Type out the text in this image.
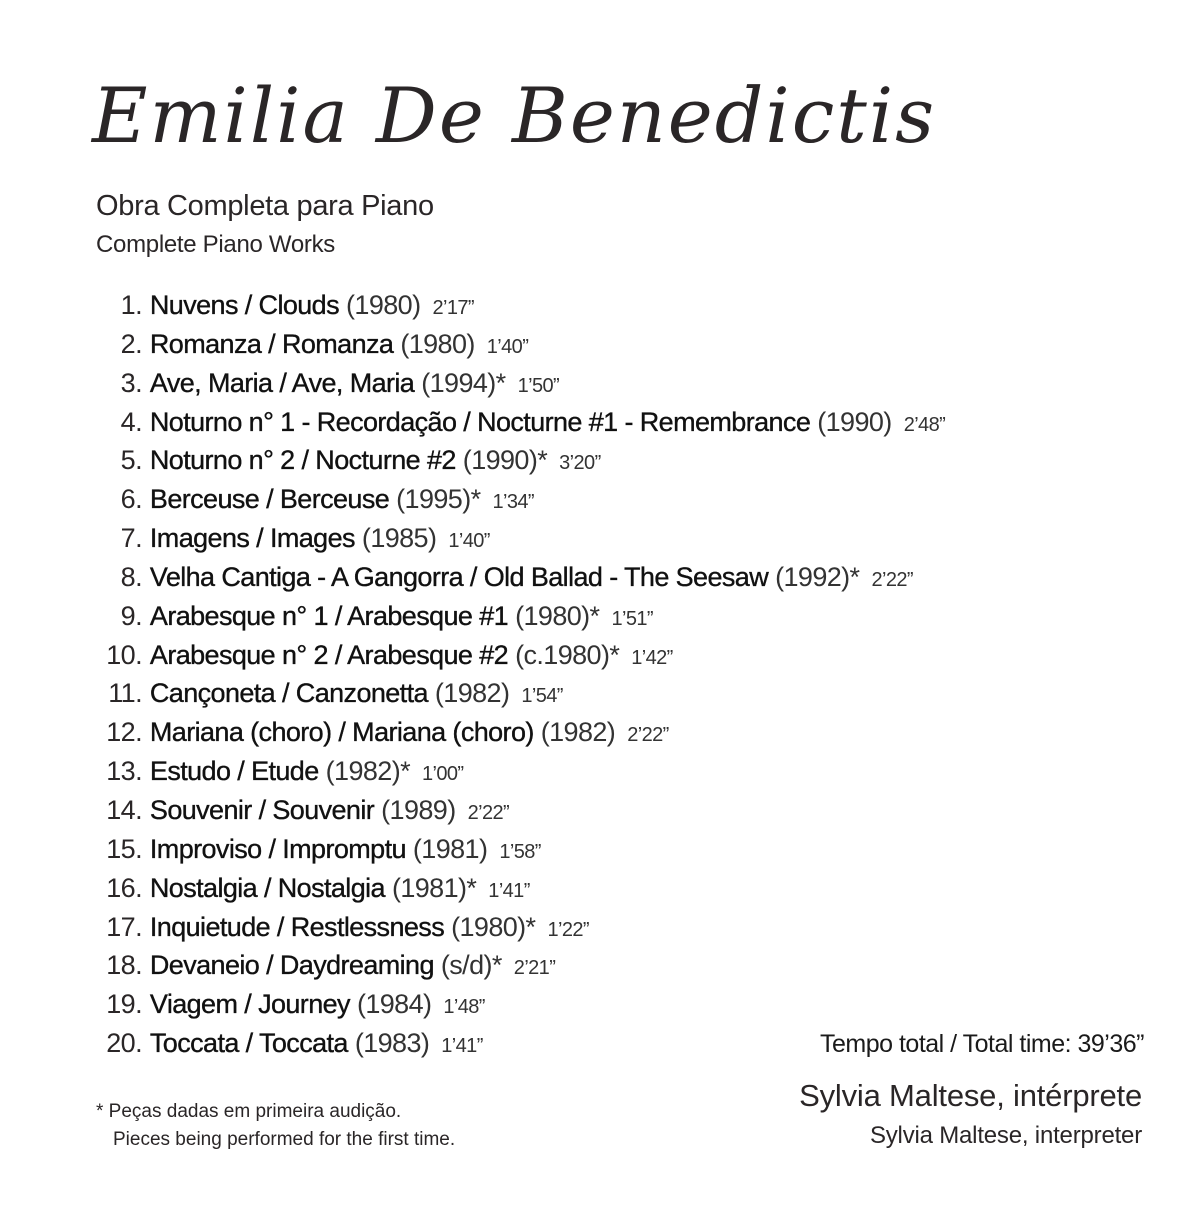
Emilia De Benedictis
Obra Completa para Piano
Complete Piano Works
1.
Nuvens / Clouds (1980) 2’17”
2.
Romanza / Romanza (1980) 1’40”
3.
Ave, Maria / Ave, Maria (1994)* 1’50”
4.
Noturno n° 1 - Recordação / Nocturne #1 - Remembrance (1990) 2’48”
5.
Noturno n° 2 / Nocturne #2 (1990)* 3’20”
6.
Berceuse / Berceuse (1995)* 1’34”
7.
Imagens / Images (1985) 1’40”
8.
Velha Cantiga - A Gangorra / Old Ballad - The Seesaw (1992)* 2’22”
9.
Arabesque n° 1 / Arabesque #1 (1980)* 1’51”
10.
Arabesque n° 2 / Arabesque #2 (c.1980)* 1’42”
11.
Cançoneta / Canzonetta (1982) 1’54”
12.
Mariana (choro) / Mariana (choro) (1982) 2’22”
13.
Estudo / Etude (1982)* 1’00”
14.
Souvenir / Souvenir (1989) 2’22”
15.
Improviso / Impromptu (1981) 1’58”
16.
Nostalgia / Nostalgia (1981)* 1’41”
17.
Inquietude / Restlessness (1980)* 1’22”
18.
Devaneio / Daydreaming (s/d)* 2’21”
19.
Viagem / Journey (1984) 1’48”
20.
Toccata / Toccata (1983) 1’41”
* Peças dadas em primeira audição.
Pieces being performed for the first time.
Tempo total / Total time: 39’36”
Sylvia Maltese, intérprete
Sylvia Maltese, interpreter
